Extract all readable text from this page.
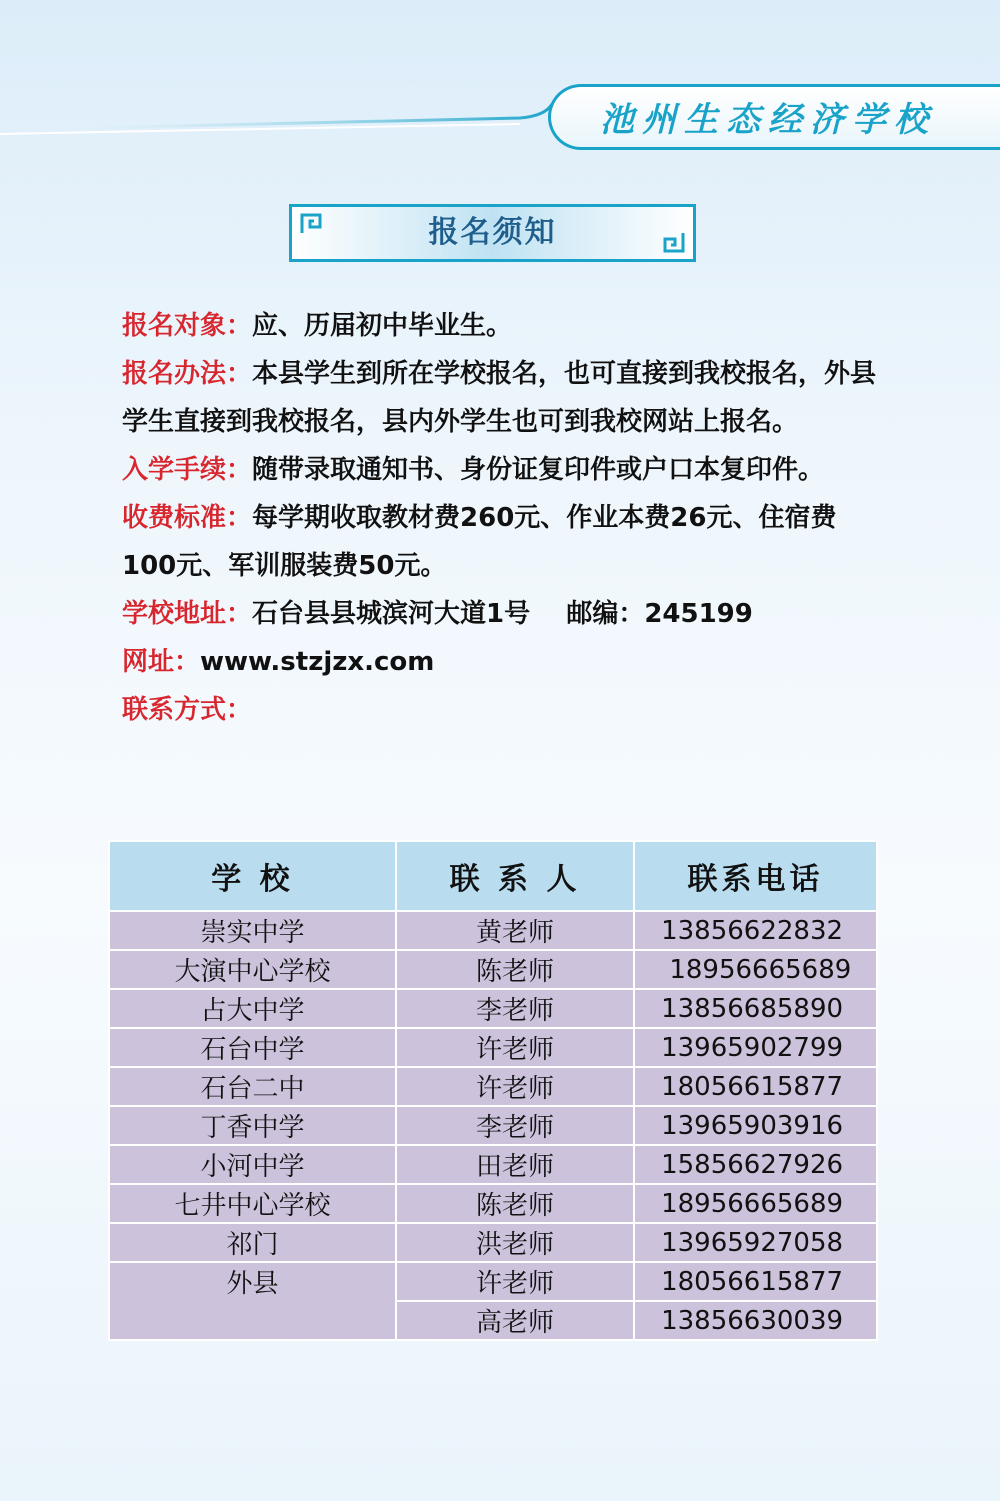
池州生态经济学校
报名须知

报名对象：应、历届初中毕业生。

报名办法：本县学生到所在学校报名，也可直接到我校报名，外县学生直接到我校报名，县内外学生也可到我校网站上报名。

入学手续：随带录取通知书、身份证复印件或户口本复印件。

收费标准：每学期收取教材费260元、作业本费26元、住宿费100元、军训服装费50元。

学校地址：石台县县城滨河大道1号    邮编：245199

网址：www.stzjzx.com

联系方式：

学 校	联 系 人	联系电话
崇实中学	黄老师	13856622832
大演中心学校	陈老师	18956665689
占大中学	李老师	13856685890
石台中学	许老师	13965902799
石台二中	许老师	18056615877
丁香中学	李老师	13965903916
小河中学	田老师	15856627926
七井中心学校	陈老师	18956665689
祁门	洪老师	13965927058
外县	许老师	18056615877
	高老师	13856630039
